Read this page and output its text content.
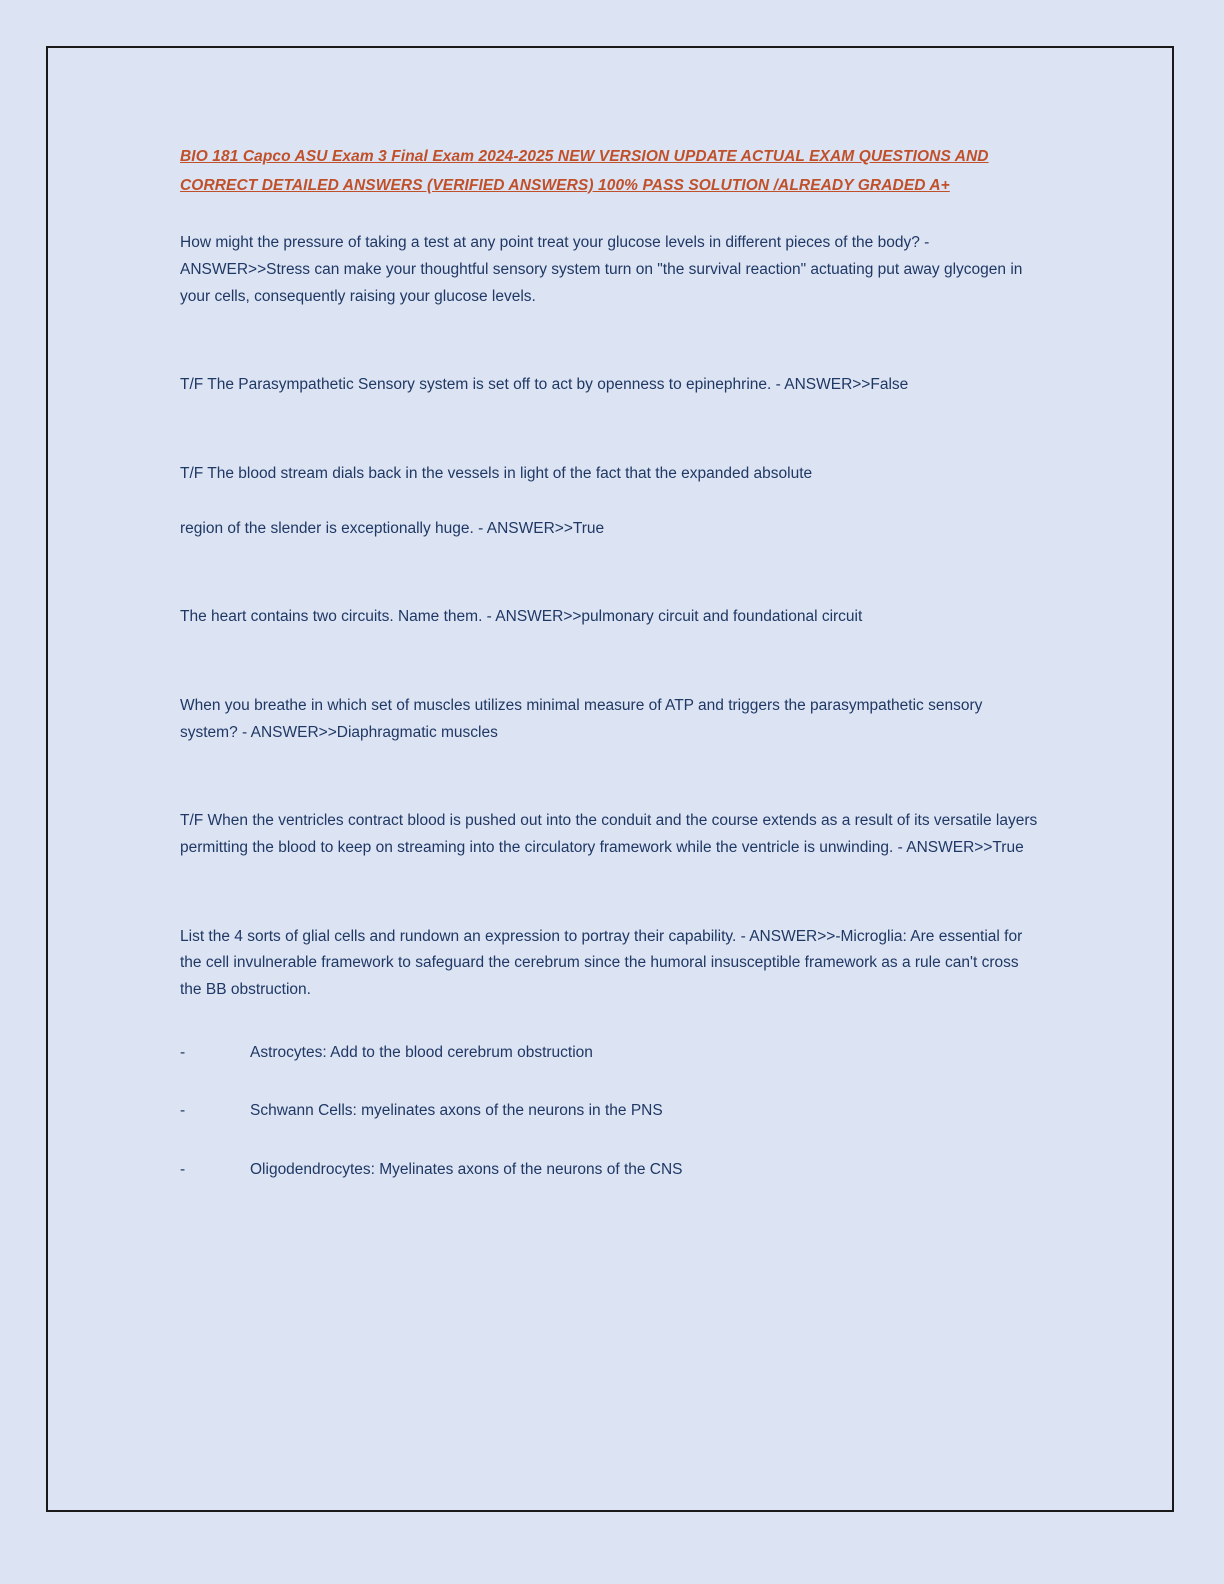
BIO 181 Capco ASU Exam 3 Final Exam 2024-2025 NEW VERSION UPDATE ACTUAL EXAM QUESTIONS AND CORRECT DETAILED ANSWERS (VERIFIED ANSWERS) 100% PASS SOLUTION /ALREADY GRADED A+

How might the pressure of taking a test at any point treat your glucose levels in different pieces of the body? - ANSWER>>Stress can make your thoughtful sensory system turn on "the survival reaction" actuating put away glycogen in your cells, consequently raising your glucose levels.

T/F The Parasympathetic Sensory system is set off to act by openness to epinephrine. - ANSWER>>False

T/F The blood stream dials back in the vessels in light of the fact that the expanded absolute
region of the slender is exceptionally huge. - ANSWER>>True

The heart contains two circuits. Name them. - ANSWER>>pulmonary circuit and foundational circuit

When you breathe in which set of muscles utilizes minimal measure of ATP and triggers the parasympathetic sensory system? - ANSWER>>Diaphragmatic muscles

T/F When the ventricles contract blood is pushed out into the conduit and the course extends as a result of its versatile layers permitting the blood to keep on streaming into the circulatory framework while the ventricle is unwinding. - ANSWER>>True

List the 4 sorts of glial cells and rundown an expression to portray their capability. - ANSWER>>-Microglia: Are essential for the cell invulnerable framework to safeguard the cerebrum since the humoral insusceptible framework as a rule can't cross the BB obstruction.

-	Astrocytes: Add to the blood cerebrum obstruction
-	Schwann Cells: myelinates axons of the neurons in the PNS
-	Oligodendrocytes: Myelinates axons of the neurons of the CNS
